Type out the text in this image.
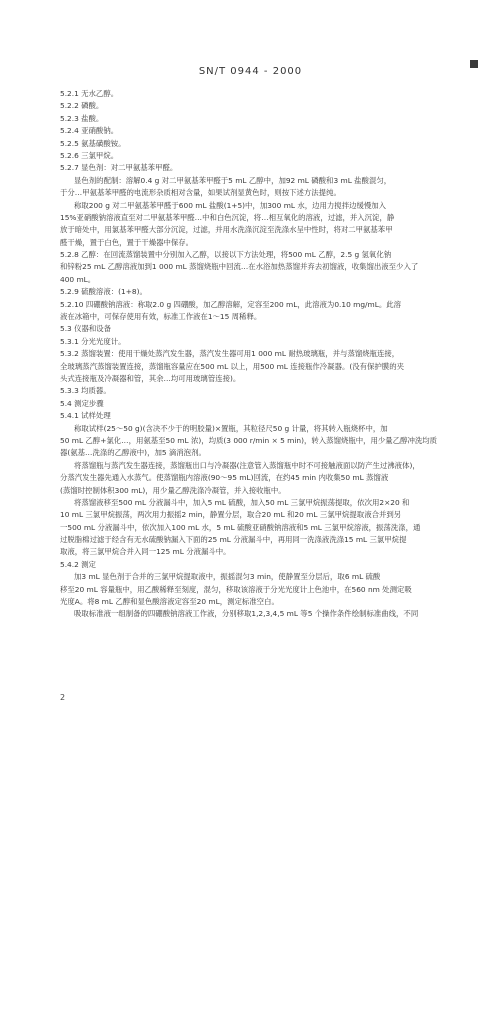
SN/T 0944 - 2000
5.2.1 无水乙醇。
5.2.2 磷酸。
5.2.3 盐酸。
5.2.4 亚硝酸钠。
5.2.5 氨基磺酸铵。
5.2.6 三氯甲烷。
5.2.7 显色剂：对二甲氨基苯甲醛。
显色剂的配制：溶解0.4 g 对二甲氨基苯甲醛于5 mL 乙醇中，加92 mL 磷酸和3 mL 盐酸混匀，
于分…甲氨基苯甲醛的电流形杂质相对含量，如果试剂显黄色时，则按下述方法提纯。
称取200 g 对二甲氨基苯甲醛于600 mL 盐酸(1+5)中，加300 mL 水，边用力搅拌边缓慢加入
15%亚硝酸钠溶液直至对二甲氨基苯甲醛…中和白色沉淀，将…相互氧化的溶液，过滤，并入沉淀，静
放于暗处中，用氯基苯甲醛大部分沉淀，过滤，并用水洗涤沉淀至洗涤水呈中性时，将对二甲氨基苯甲
醛干燥，置于白色，置于干燥器中保存。
5.2.8 乙醇：在回流蒸馏装置中分别加入乙醇，以接以下方法处理，将500 mL 乙醇，2.5 g 氢氧化钠
和锌粉25 mL 乙醇溶液加到1 000 mL 蒸馏烧瓶中回流…在水浴加热蒸馏并弃去初馏液，收集馏出液至少入了
400 mL。
5.2.9 硫酸溶液：(1+8)。
5.2.10 四硼酸钠溶液：称取2.0 g 四硼酸，加乙醇溶解，定容至200 mL，此溶液为0.10 mg/mL。此溶
液在冰箱中，可保存使用有效，标准工作液在1～15 周稀释。
5.3 仪器和设备
5.3.1 分光光度计。
5.3.2 蒸馏装置：使用干燥处蒸汽发生器，蒸汽发生器可用1 000 mL 耐热玻璃瓶，并与蒸馏烧瓶连接，
全玻璃蒸汽蒸馏装置连接，蒸馏瓶容量应在500 mL 以上，用500 mL 连接瓶作冷凝器。(没有保护膜的夹
头式连接瓶及冷凝器和管，其余…均可用玻璃管连接)。
5.3.3 均质器。
5.4 测定步骤
5.4.1 试样处理
称取试样(25～50 g)(含决不少于的明胶量)×置瓶，其粒径尺50 g 计量，将其转入瓶烧杯中，加
50 mL 乙醇+氯化…，用氨基至50 mL 浓)，均质(3 000 r/min × 5 min)，转入蒸馏烧瓶中，用少量乙醇冲洗均质
器(氨基…洗涤的乙醇液中)，加5 滴消泡剂。
将蒸馏瓶与蒸汽发生器连接，蒸馏瓶出口与冷凝器(注意管入蒸馏瓶中时不可接触液面以防产生过沸液体)，
分蒸汽发生器先通入水蒸气。使蒸馏瓶内溶液(90～95 mL)回流，在约45 min 内收集50 mL 蒸馏液
(蒸馏时控制体积300 mL)，用少量乙醇洗涤冷凝管，并入接收瓶中。
将蒸馏液移至500 mL 分液漏斗中，加入5 mL 硫酸，加入50 mL 三氯甲烷振荡提取，依次用2×20 和
10 mL 三氯甲烷振荡，两次用力振摇2 min，静置分层，取合20 mL 和20 mL 三氯甲烷提取液合并到另
一500 mL 分液漏斗中，依次加入100 mL 水，5 mL 硫酸亚硝酸钠溶液和5 mL 三氯甲烷溶液，振荡洗涤，通
过脱脂棉过滤于经含有无水硫酸钠漏入下面的25 mL 分液漏斗中，再用同一洗涤液洗涤15 mL 三氯甲烷提
取液，将三氯甲烷合并入同一125 mL 分液漏斗中。
5.4.2 测定
加3 mL 显色剂于合并的三氯甲烷提取液中，振摇混匀3 min，使静置至分层后，取6 mL 硫酸
移至20 mL 容量瓶中，用乙酸稀释至刻度，混匀，移取该溶液于分光光度计上色池中，在560 nm 处测定吸
光度A。将8 mL 乙醇和显色酸溶液定容至20 mL，测定标准空白。
吸取标准液一组制备的四硼酸钠溶液工作液，分别移取1,2,3,4,5 mL 等5 个操作条件绘制标准曲线，不同
2
